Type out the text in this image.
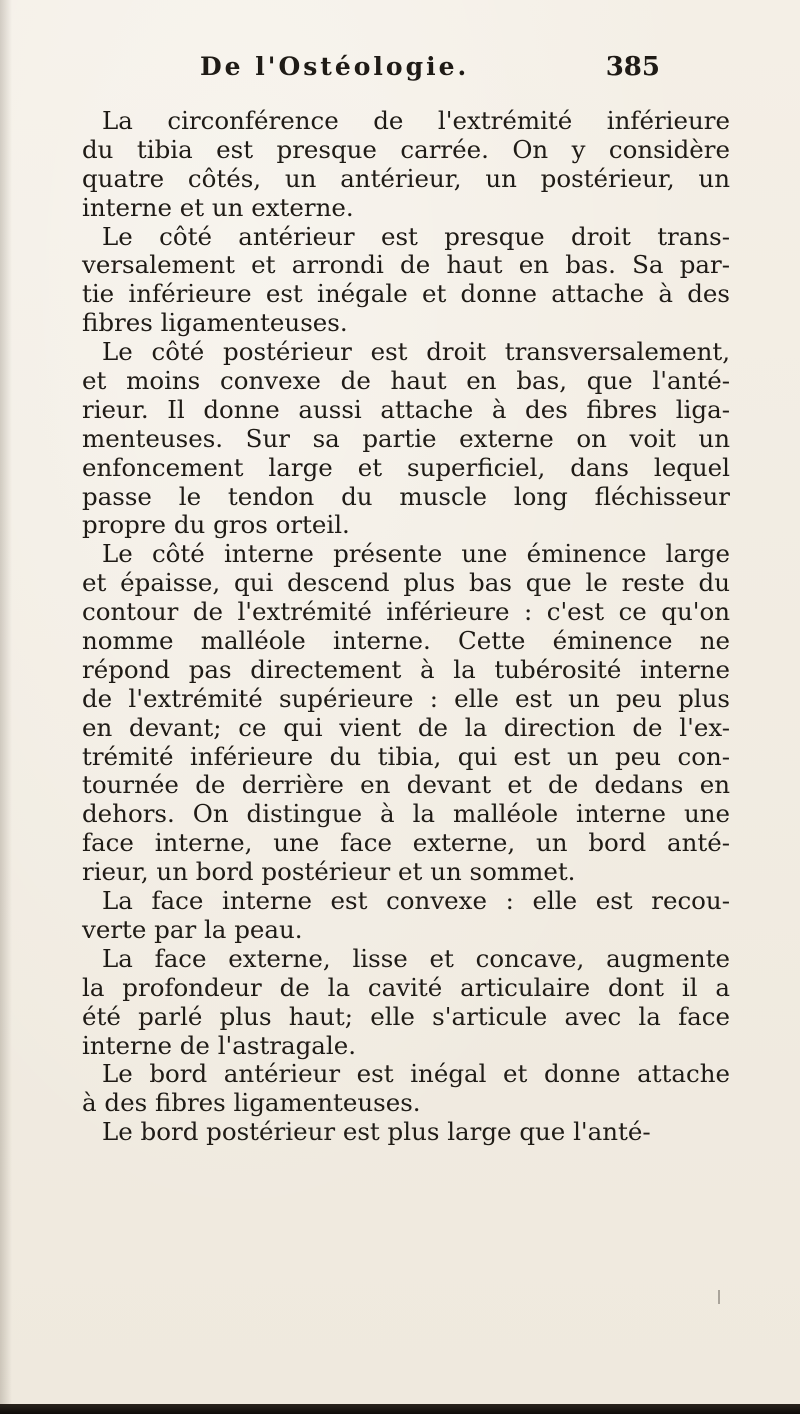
De l'Ostéologie.	385
La circonférence de l'extrémité inférieure
du tibia est presque carrée. On y considère
quatre côtés, un antérieur, un postérieur, un
interne et un externe.
Le côté antérieur est presque droit trans-
versalement et arrondi de haut en bas. Sa par-
tie inférieure est inégale et donne attache à des
fibres ligamenteuses.
Le côté postérieur est droit transversalement,
et moins convexe de haut en bas, que l'anté-
rieur. Il donne aussi attache à des fibres liga-
menteuses. Sur sa partie externe on voit un
enfoncement large et superficiel, dans lequel
passe le tendon du muscle long fléchisseur
propre du gros orteil.
Le côté interne présente une éminence large
et épaisse, qui descend plus bas que le reste du
contour de l'extrémité inférieure : c'est ce qu'on
nomme malléole interne. Cette éminence ne
répond pas directement à la tubérosité interne
de l'extrémité supérieure : elle est un peu plus
en devant; ce qui vient de la direction de l'ex-
trémité inférieure du tibia, qui est un peu con-
tournée de derrière en devant et de dedans en
dehors. On distingue à la malléole interne une
face interne, une face externe, un bord anté-
rieur, un bord postérieur et un sommet.
La face interne est convexe : elle est recou-
verte par la peau.
La face externe, lisse et concave, augmente
la profondeur de la cavité articulaire dont il a
été parlé plus haut; elle s'articule avec la face
interne de l'astragale.
Le bord antérieur est inégal et donne attache
à des fibres ligamenteuses.
Le bord postérieur est plus large que l'anté-
